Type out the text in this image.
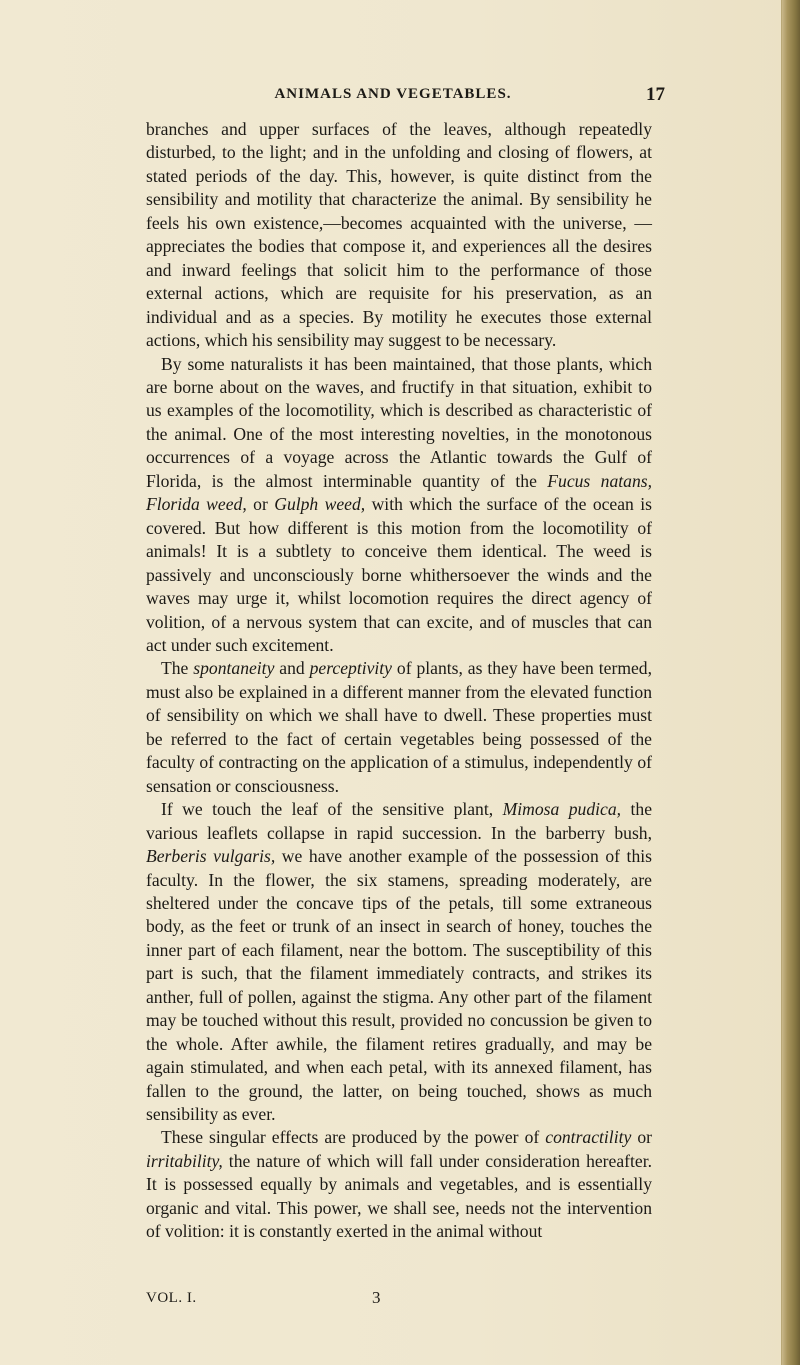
ANIMALS AND VEGETABLES.	17

branches and upper surfaces of the leaves, although repeatedly disturbed, to the light; and in the unfolding and closing of flowers, at stated periods of the day. This, however, is quite distinct from the sensibility and motility that characterize the animal. By sensibility he feels his own existence,—becomes acquainted with the universe, —appreciates the bodies that compose it, and experiences all the desires and inward feelings that solicit him to the performance of those external actions, which are requisite for his preservation, as an individual and as a species. By motility he executes those external actions, which his sensibility may suggest to be necessary.

By some naturalists it has been maintained, that those plants, which are borne about on the waves, and fructify in that situation, exhibit to us examples of the locomotility, which is described as characteristic of the animal. One of the most interesting novelties, in the monotonous occurrences of a voyage across the Atlantic towards the Gulf of Florida, is the almost interminable quantity of the Fucus natans, Florida weed, or Gulph weed, with which the surface of the ocean is covered. But how different is this motion from the locomotility of animals! It is a subtlety to conceive them identical. The weed is passively and unconsciously borne whithersoever the winds and the waves may urge it, whilst locomotion requires the direct agency of volition, of a nervous system that can excite, and of muscles that can act under such excitement.

The spontaneity and perceptivity of plants, as they have been termed, must also be explained in a different manner from the elevated function of sensibility on which we shall have to dwell. These properties must be referred to the fact of certain vegetables being possessed of the faculty of contracting on the application of a stimulus, independently of sensation or consciousness.

If we touch the leaf of the sensitive plant, Mimosa pudica, the various leaflets collapse in rapid succession. In the barberry bush, Berberis vulgaris, we have another example of the possession of this faculty. In the flower, the six stamens, spreading moderately, are sheltered under the concave tips of the petals, till some extraneous body, as the feet or trunk of an insect in search of honey, touches the inner part of each filament, near the bottom. The susceptibility of this part is such, that the filament immediately contracts, and strikes its anther, full of pollen, against the stigma. Any other part of the filament may be touched without this result, provided no concussion be given to the whole. After awhile, the filament retires gradually, and may be again stimulated, and when each petal, with its annexed filament, has fallen to the ground, the latter, on being touched, shows as much sensibility as ever.

These singular effects are produced by the power of contractility or irritability, the nature of which will fall under consideration hereafter. It is possessed equally by animals and vegetables, and is essentially organic and vital. This power, we shall see, needs not the intervention of volition: it is constantly exerted in the animal without

VOL. I.	3
